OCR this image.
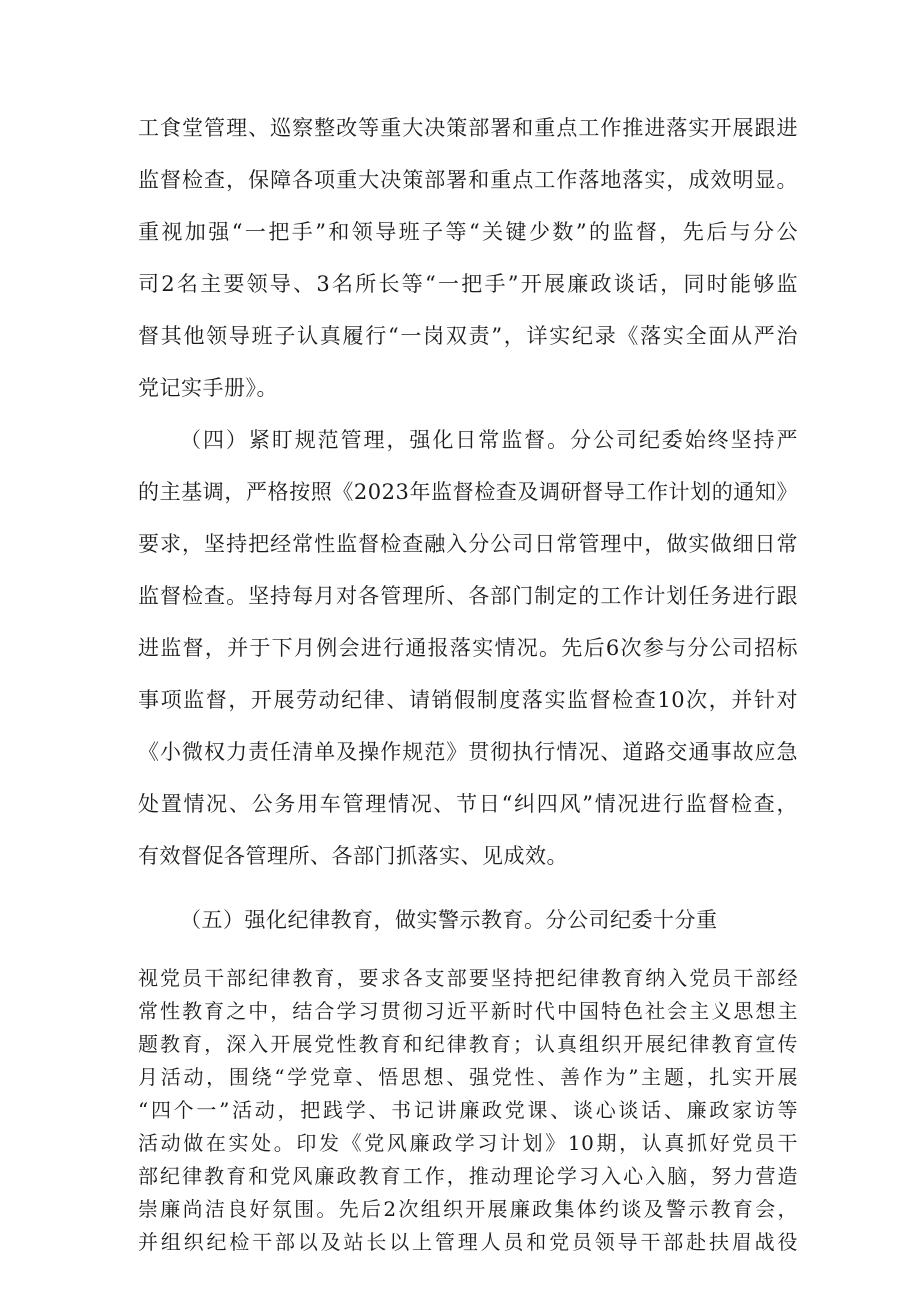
工食堂管理、巡察整改等重大决策部署和重点工作推进落实开展跟进
监督检查，保障各项重大决策部署和重点工作落地落实，成效明显。
重视加强“一把手”和领导班子等“关键少数”的监督，先后与分公
司2名主要领导、3名所长等“一把手”开展廉政谈话，同时能够监
督其他领导班子认真履行“一岗双责”，详实纪录《落实全面从严治
党记实手册》。
（四）紧盯规范管理，强化日常监督。分公司纪委始终坚持严
的主基调，严格按照《2023年监督检查及调研督导工作计划的通知》
要求，坚持把经常性监督检查融入分公司日常管理中，做实做细日常
监督检查。坚持每月对各管理所、各部门制定的工作计划任务进行跟
进监督，并于下月例会进行通报落实情况。先后6次参与分公司招标
事项监督，开展劳动纪律、请销假制度落实监督检查10次，并针对
《小微权力责任清单及操作规范》贯彻执行情况、道路交通事故应急
处置情况、公务用车管理情况、节日“纠四风”情况进行监督检查，
有效督促各管理所、各部门抓落实、见成效。
（五）强化纪律教育，做实警示教育。分公司纪委十分重
视党员干部纪律教育，要求各支部要坚持把纪律教育纳入党员干部经
常性教育之中，结合学习贯彻习近平新时代中国特色社会主义思想主
题教育，深入开展党性教育和纪律教育；认真组织开展纪律教育宣传
月活动，围绕“学党章、悟思想、强党性、善作为”主题，扎实开展
“四个一”活动，把践学、书记讲廉政党课、谈心谈话、廉政家访等
活动做在实处。印发《党风廉政学习计划》10期，认真抓好党员干
部纪律教育和党风廉政教育工作，推动理论学习入心入脑，努力营造
崇廉尚洁良好氛围。先后2次组织开展廉政集体约谈及警示教育会，
并组织纪检干部以及站长以上管理人员和党员领导干部赴扶眉战役
